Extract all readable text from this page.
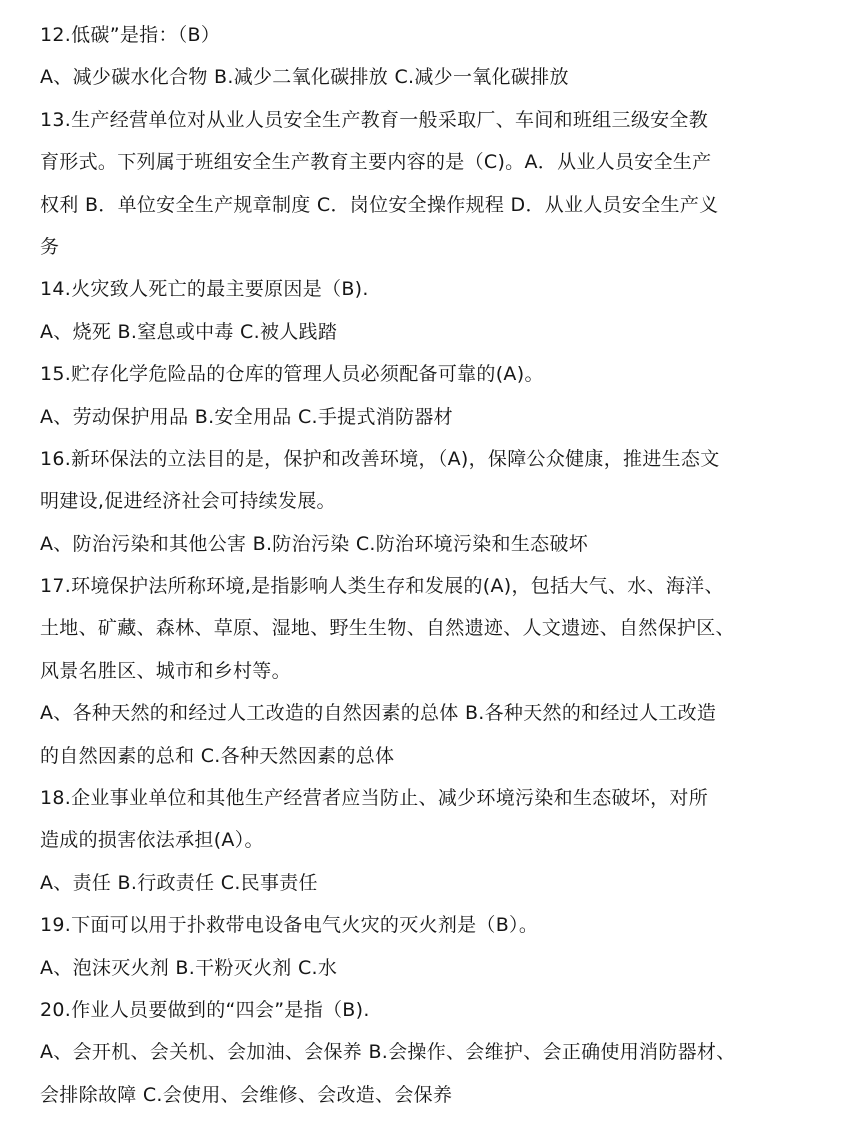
12.低碳”是指：（B）
A、减少碳水化合物 B.减少二氧化碳排放 C.减少一氧化碳排放
13.生产经营单位对从业人员安全生产教育一般采取厂、车间和班组三级安全教
育形式。下列属于班组安全生产教育主要内容的是（C)。A．从业人员安全生产
权利 B．单位安全生产规章制度 C．岗位安全操作规程 D．从业人员安全生产义
务
14.火灾致人死亡的最主要原因是（B).
A、烧死 B.窒息或中毒 C.被人践踏
15.贮存化学危险品的仓库的管理人员必须配备可靠的(A)。
A、劳动保护用品 B.安全用品 C.手提式消防器材
16.新环保法的立法目的是，保护和改善环境，（A)，保障公众健康，推进生态文
明建设,促进经济社会可持续发展。
A、防治污染和其他公害 B.防治污染 C.防治环境污染和生态破坏
17.环境保护法所称环境,是指影响人类生存和发展的(A)，包括大气、水、海洋、
土地、矿藏、森林、草原、湿地、野生生物、自然遗迹、人文遗迹、自然保护区、
风景名胜区、城市和乡村等。
A、各种天然的和经过人工改造的自然因素的总体 B.各种天然的和经过人工改造
的自然因素的总和 C.各种天然因素的总体
18.企业事业单位和其他生产经营者应当防止、减少环境污染和生态破坏，对所
造成的损害依法承担(A）。
A、责任 B.行政责任 C.民事责任
19.下面可以用于扑救带电设备电气火灾的灭火剂是（B）。
A、泡沫灭火剂 B.干粉灭火剂 C.水
20.作业人员要做到的“四会”是指（B).
A、会开机、会关机、会加油、会保养 B.会操作、会维护、会正确使用消防器材、
会排除故障 C.会使用、会维修、会改造、会保养
